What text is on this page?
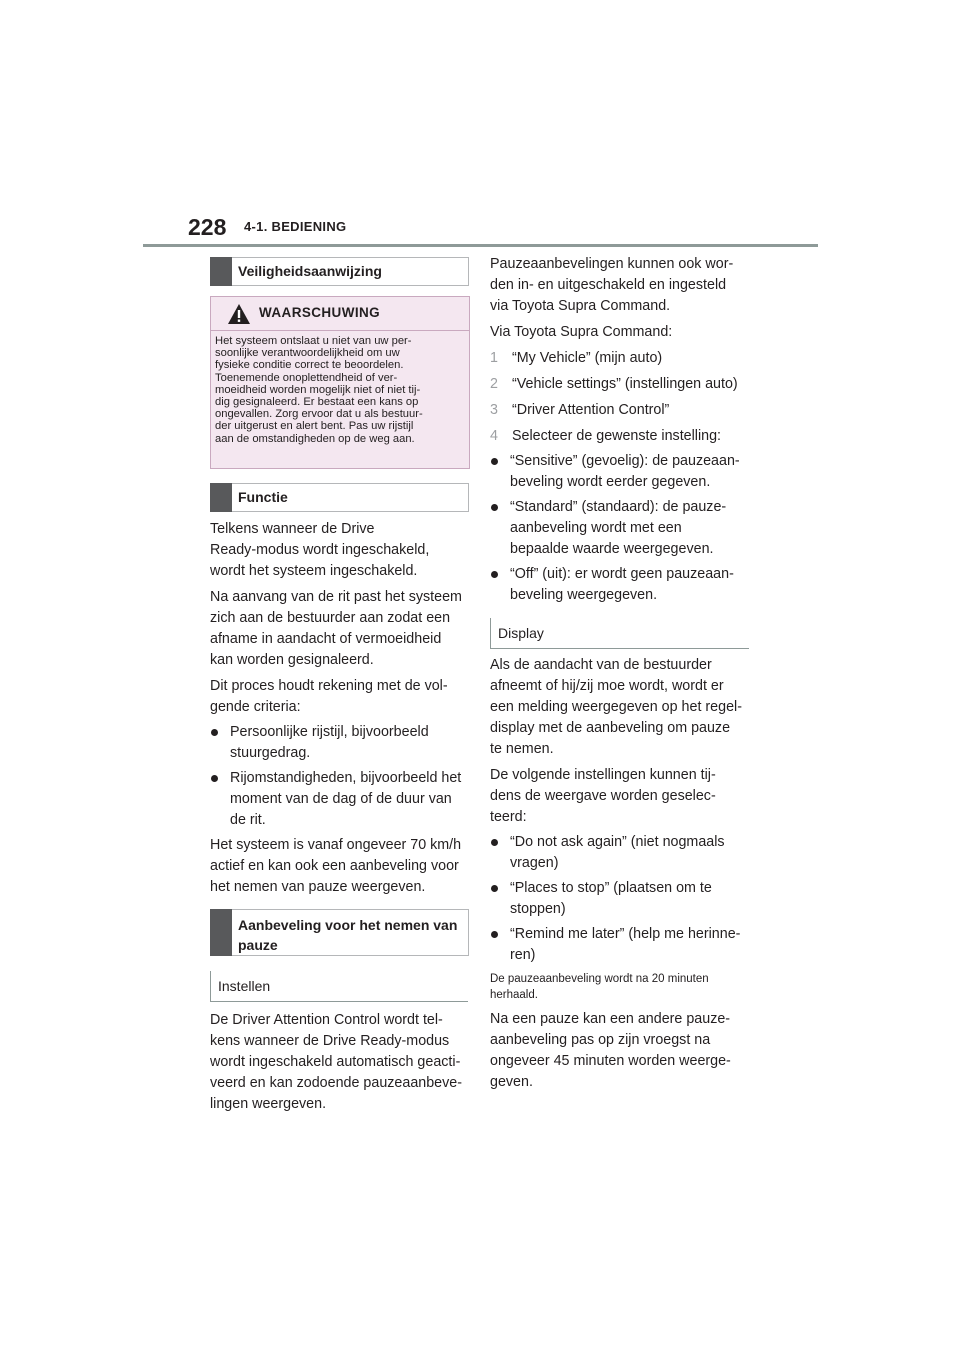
228 4-1. BEDIENING
Veiligheidsaanwijzing
WAARSCHUWING
Het systeem ontslaat u niet van uw per-
soonlijke verantwoordelijkheid om uw
fysieke conditie correct te beoordelen.
Toenemende onoplettendheid of ver-
moeidheid worden mogelijk niet of niet tij-
dig gesignaleerd. Er bestaat een kans op
ongevallen. Zorg ervoor dat u als bestuur-
der uitgerust en alert bent. Pas uw rijstijl
aan de omstandigheden op de weg aan.
Functie

Telkens wanneer de Drive
Ready-modus wordt ingeschakeld,
wordt het systeem ingeschakeld.

Na aanvang van de rit past het systeem
zich aan de bestuurder aan zodat een
afname in aandacht of vermoeidheid
kan worden gesignaleerd.

Dit proces houdt rekening met de vol-
gende criteria:

Persoonlijke rijstijl, bijvoorbeeld
stuurgedrag.
Rijomstandigheden, bijvoorbeeld het
moment van de dag of de duur van
de rit.

Het systeem is vanaf ongeveer 70 km/h
actief en kan ook een aanbeveling voor
het nemen van pauze weergeven.

Aanbeveling voor het nemen van
pauze
Instellen

De Driver Attention Control wordt tel-
kens wanneer de Drive Ready-modus
wordt ingeschakeld automatisch geacti-
veerd en kan zodoende pauzeaanbeve-
lingen weergeven.

Pauzeaanbevelingen kunnen ook wor-
den in- en uitgeschakeld en ingesteld
via Toyota Supra Command.

Via Toyota Supra Command:

1 “My Vehicle” (mijn auto)
2 “Vehicle settings” (instellingen auto)
3 “Driver Attention Control”
4 Selecteer de gewenste instelling:
“Sensitive” (gevoelig): de pauzeaan-
beveling wordt eerder gegeven.
“Standard” (standaard): de pauze-
aanbeveling wordt met een
bepaalde waarde weergegeven.
“Off” (uit): er wordt geen pauzeaan-
beveling weergegeven.
Display

Als de aandacht van de bestuurder
afneemt of hij/zij moe wordt, wordt er
een melding weergegeven op het regel-
display met de aanbeveling om pauze
te nemen.

De volgende instellingen kunnen tij-
dens de weergave worden geselec-
teerd:

“Do not ask again” (niet nogmaals
vragen)
“Places to stop” (plaatsen om te
stoppen)
“Remind me later” (help me herinne-
ren)

De pauzeaanbeveling wordt na 20 minuten
herhaald.

Na een pauze kan een andere pauze-
aanbeveling pas op zijn vroegst na
ongeveer 45 minuten worden weerge-
geven.
